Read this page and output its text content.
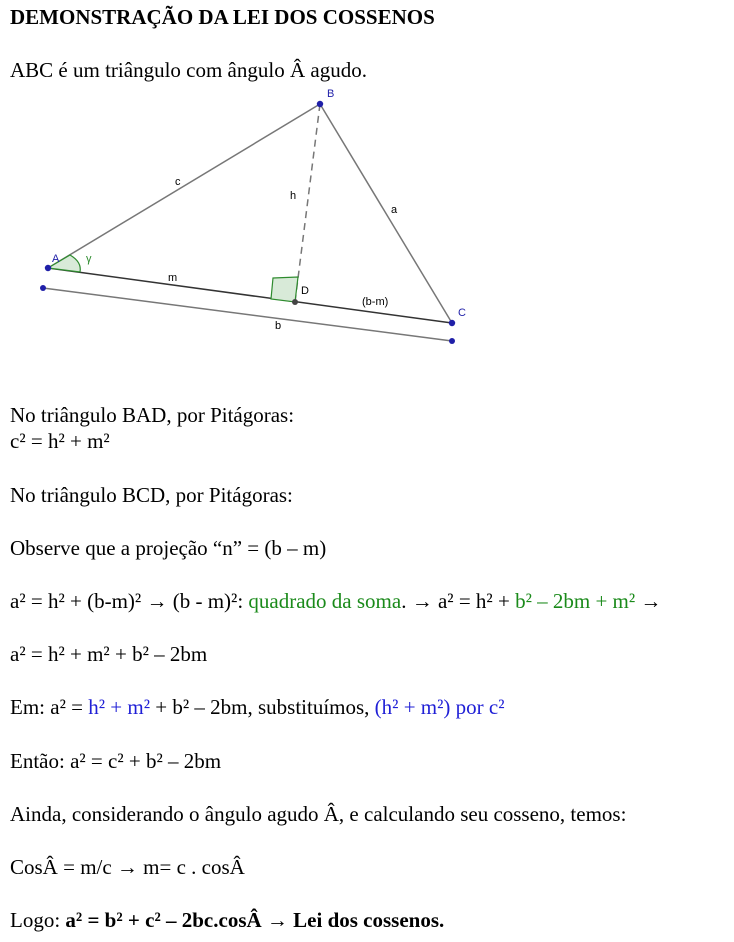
A
B
C
D
γ
c
a
h
m
(b-m)
b
DEMONSTRAÇÃO DA LEI DOS COSSENOS
ABC é um triângulo com ângulo Â agudo.
No triângulo BAD, por Pitágoras:
c² = h² + m²
No triângulo BCD, por Pitágoras:
Observe que a projeção “n” = (b – m)
a² = h² + (b-m)² → (b - m)²: quadrado da soma. → a² = h² + b² – 2bm + m² →
a² = h² + m² + b² – 2bm
Em: a² = h² + m² + b² – 2bm, substituímos, (h² + m²) por c²
Então: a² = c² + b² – 2bm
Ainda, considerando o ângulo agudo Â, e calculando seu cosseno, temos:
CosÂ = m/c → m= c . cosÂ
Logo: a² = b² + c² – 2bc.cosÂ → Lei dos cossenos.
